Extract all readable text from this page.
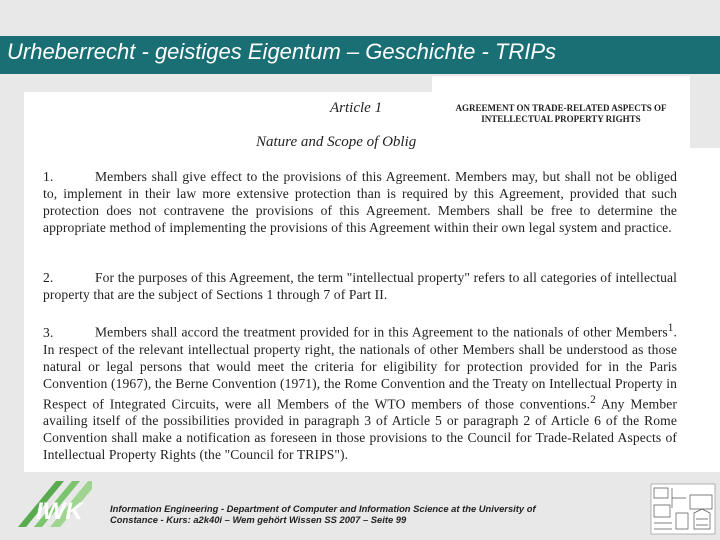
Urheberrecht - geistiges Eigentum – Geschichte - TRIPs
AGREEMENT ON TRADE-RELATED ASPECTS OF INTELLECTUAL PROPERTY RIGHTS
Article 1
Nature and Scope of Oblig
1.	Members shall give effect to the provisions of this Agreement. Members may, but shall not be obliged to, implement in their law more extensive protection than is required by this Agreement, provided that such protection does not contravene the provisions of this Agreement. Members shall be free to determine the appropriate method of implementing the provisions of this Agreement within their own legal system and practice.
2.	For the purposes of this Agreement, the term "intellectual property" refers to all categories of intellectual property that are the subject of Sections 1 through 7 of Part II.
3.	Members shall accord the treatment provided for in this Agreement to the nationals of other Members$^1$. In respect of the relevant intellectual property right, the nationals of other Members shall be understood as those natural or legal persons that would meet the criteria for eligibility for protection provided for in the Paris Convention (1967), the Berne Convention (1971), the Rome Convention and the Treaty on Intellectual Property in Respect of Integrated Circuits, were all Members of the WTO members of those conventions.$^2$ Any Member availing itself of the possibilities provided in paragraph 3 of Article 5 or paragraph 2 of Article 6 of the Rome Convention shall make a notification as foreseen in those provisions to the Council for Trade-Related Aspects of Intellectual Property Rights (the "Council for TRIPS").
IWK	Information Engineering - Department of Computer and Information Science at the University of
Constance - Kurs: a2k40i – Wem gehört Wissen SS 2007 – Seite 99
